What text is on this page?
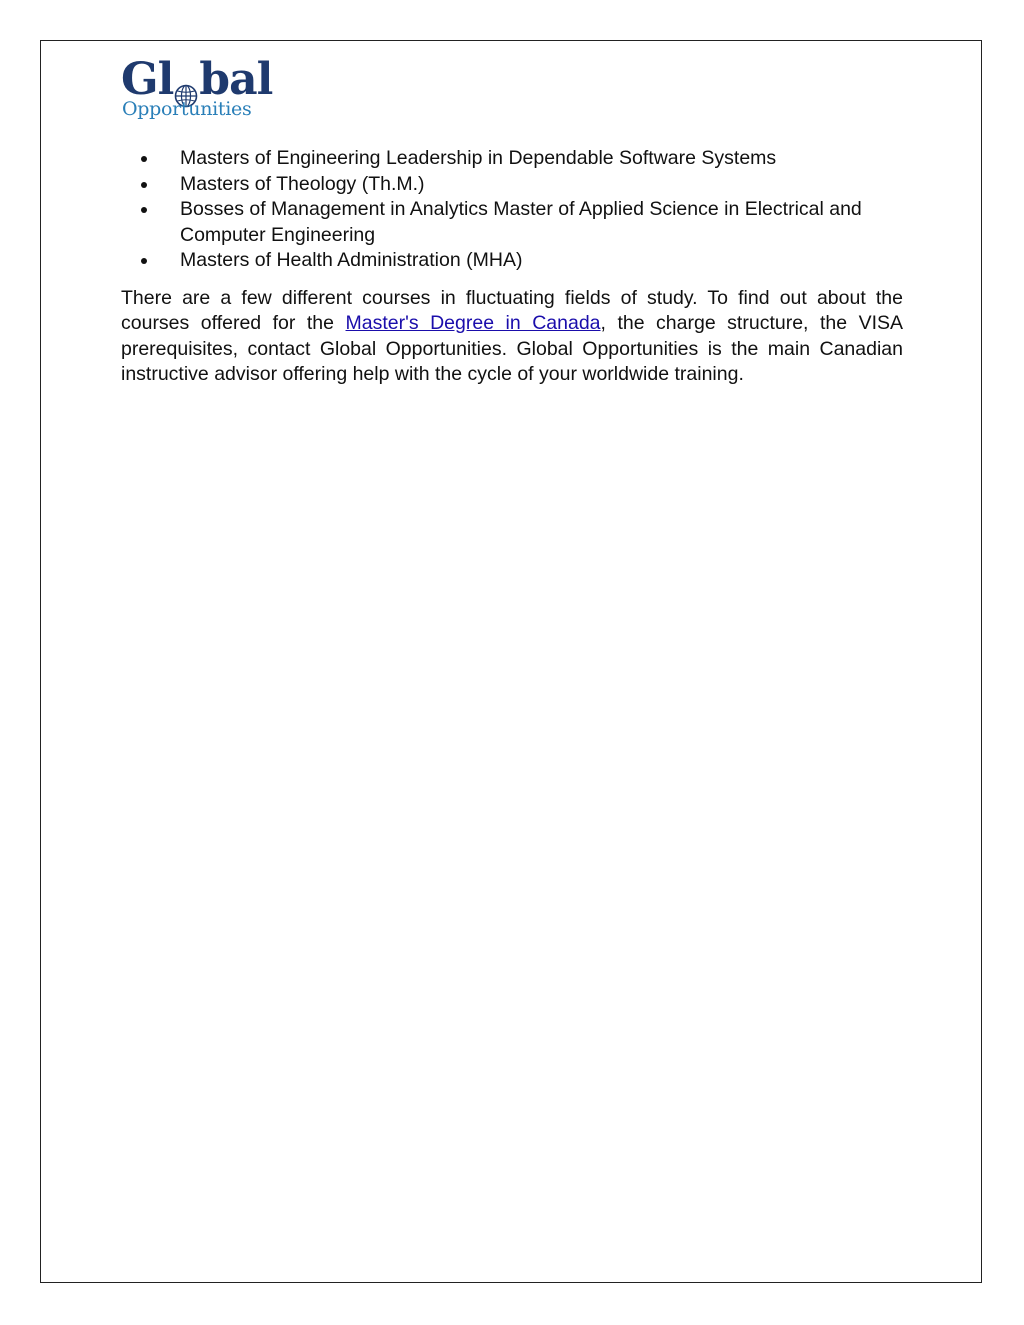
Gl bal
Opportunities
Masters of Engineering Leadership in Dependable Software Systems
Masters of Theology (Th.M.)
Bosses of Management in Analytics Master of Applied Science in Electrical and Computer Engineering
Masters of Health Administration (MHA)

There are a few different courses in fluctuating fields of study. To find out about the courses offered for the Master's Degree in Canada, the charge structure, the VISA prerequisites, contact Global Opportunities. Global Opportunities is the main Canadian instructive advisor offering help with the cycle of your worldwide training.
